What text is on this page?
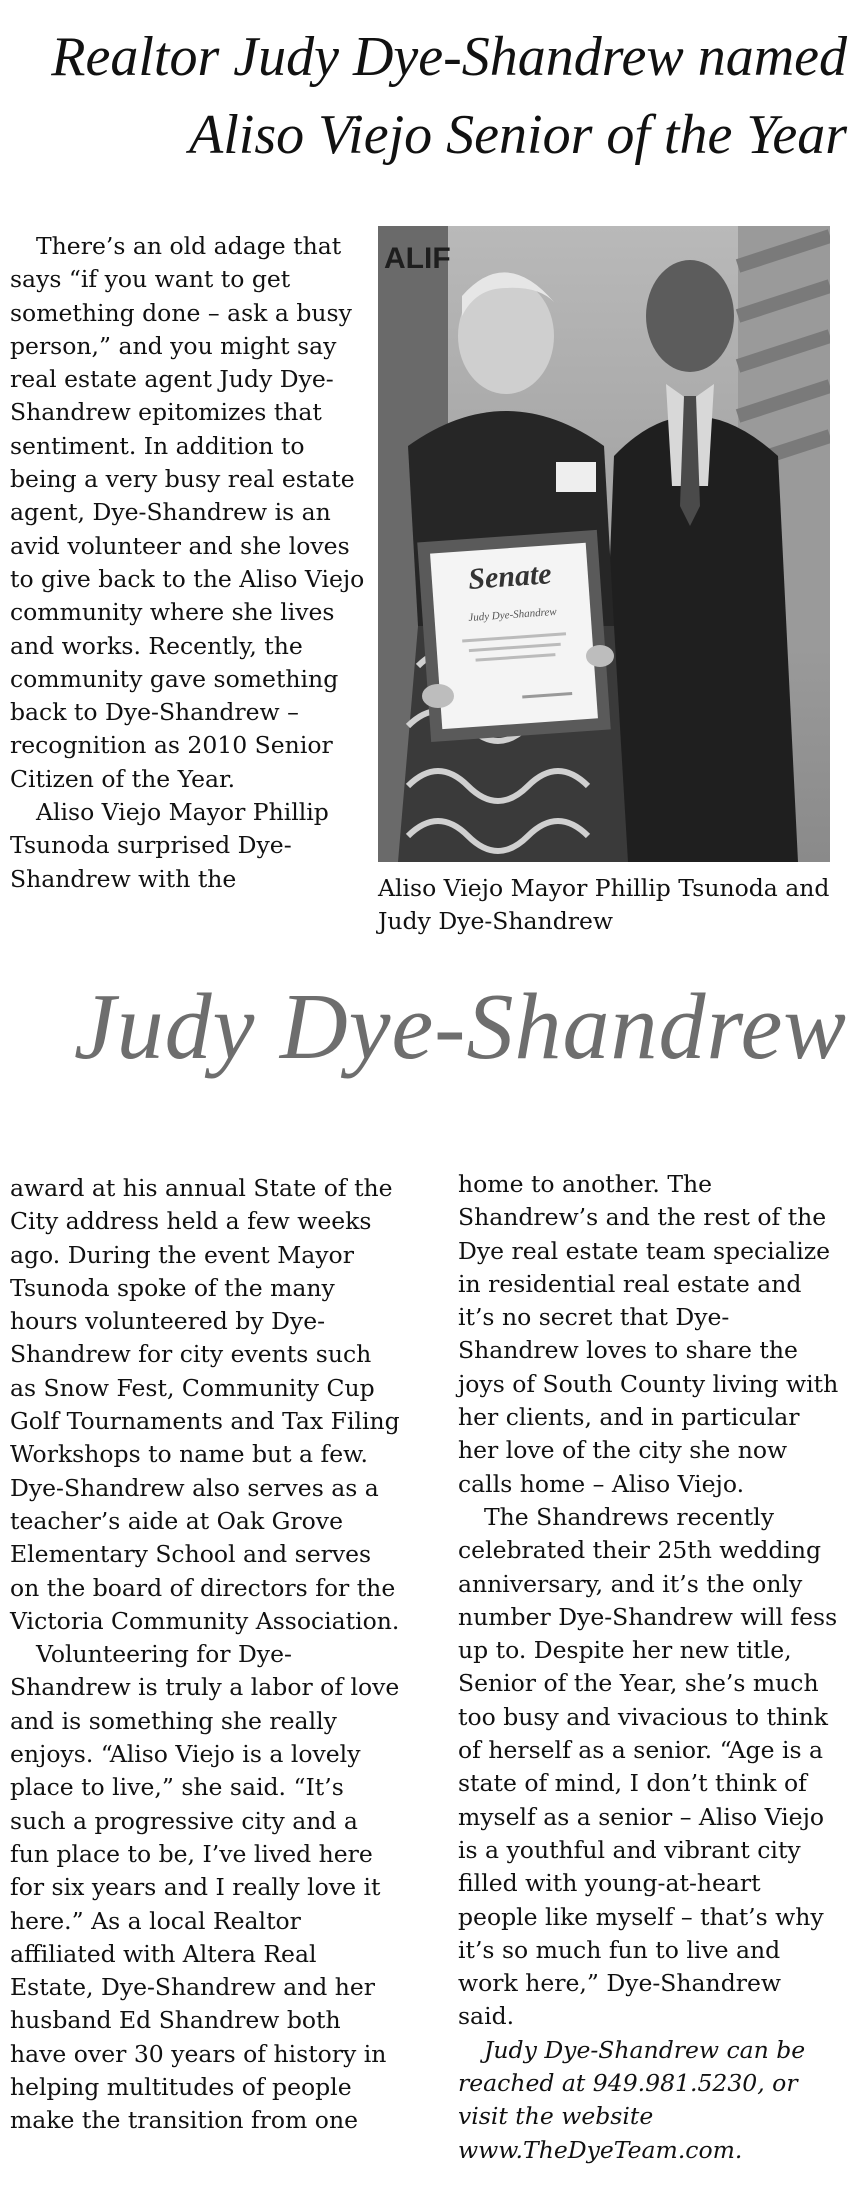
Realtor Judy Dye-Shandrew named
Aliso Viejo Senior of the Year

There’s an old adage that says “if you want to get something done – ask a busy person,” and you might say real estate agent Judy Dye-Shandrew epitomizes that sentiment. In addition to being a very busy real estate agent, Dye-Shandrew is an avid volunteer and she loves to give back to the Aliso Viejo community where she lives and works. Recently, the community gave something back to Dye-Shandrew – recognition as 2010 Senior Citizen of the Year.

Aliso Viejo Mayor Phillip Tsunoda surprised Dye-Shandrew with the

ALIF
Senate
Judy Dye-Shandrew
Aliso Viejo Mayor Phillip Tsunoda and Judy Dye-Shandrew
Judy Dye-Shandrew

award at his annual State of the City address held a few weeks ago. During the event Mayor Tsunoda spoke of the many hours volunteered by Dye-Shandrew for city events such as Snow Fest, Community Cup Golf Tournaments and Tax Filing Workshops to name but a few. Dye-Shandrew also serves as a teacher’s aide at Oak Grove Elementary School and serves on the board of directors for the Victoria Community Association.

Volunteering for Dye-Shandrew is truly a labor of love and is something she really enjoys. “Aliso Viejo is a lovely place to live,” she said. “It’s such a progressive city and a fun place to be, I’ve lived here for six years and I really love it here.” As a local Realtor affiliated with Altera Real Estate, Dye-Shandrew and her husband Ed Shandrew both have over 30 years of history in helping multitudes of people make the transition from one

home to another. The Shandrew’s and the rest of the Dye real estate team specialize in residential real estate and it’s no secret that Dye-Shandrew loves to share the joys of South County living with her clients, and in particular her love of the city she now calls home – Aliso Viejo.

The Shandrews recently celebrated their 25th wedding anniversary, and it’s the only number Dye-Shandrew will fess up to. Despite her new title, Senior of the Year, she’s much too busy and vivacious to think of herself as a senior. “Age is a state of mind, I don’t think of myself as a senior – Aliso Viejo is a youthful and vibrant city filled with young-at-heart people like myself – that’s why it’s so much fun to live and work here,” Dye-Shandrew said.

Judy Dye-Shandrew can be reached at 949.981.5230, or visit the website www.TheDyeTeam.com.
